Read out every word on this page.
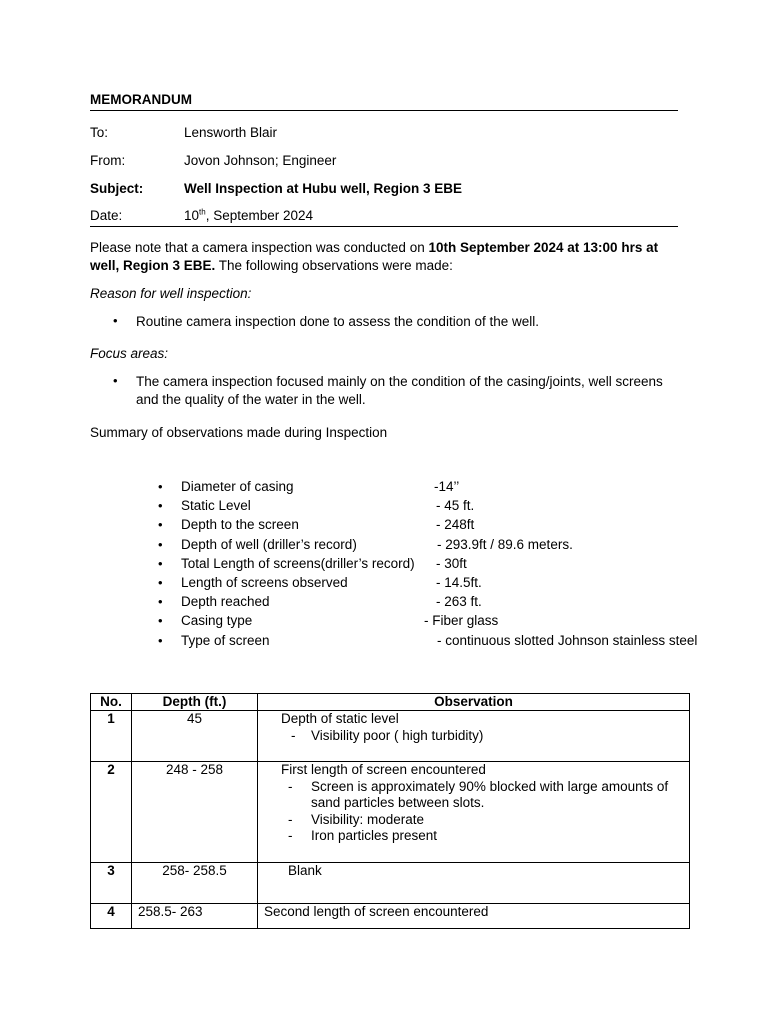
MEMORANDUM
To:	Lensworth Blair
From:	Jovon Johnson; Engineer
Subject:	Well Inspection at Hubu well, Region 3 EBE
Date:	10th, September 2024
Please note that a camera inspection was conducted on 10th September 2024 at 13:00 hrs at well, Region 3 EBE. The following observations were made:
Reason for well inspection:
• Routine camera inspection done to assess the condition of the well.
Focus areas:
• The camera inspection focused mainly on the condition of the casing/joints, well screens and the quality of the water in the well.
Summary of observations made during Inspection
• Diameter of casing	-14’’
• Static Level	- 45 ft.
• Depth to the screen	- 248ft
• Depth of well (driller’s record)	- 293.9ft / 89.6 meters.
• Total Length of screens(driller’s record) - 30ft
• Length of screens observed	- 14.5ft.
• Depth reached	- 263 ft.
• Casing type	- Fiber glass
• Type of screen	- continuous slotted Johnson stainless steel
No.	Depth (ft.)	Observation
1	45	Depth of static level
- Visibility poor ( high turbidity)

2	248 - 258	First length of screen encountered
- Screen is approximately 90% blocked with large amounts of sand particles between slots.
- Visibility: moderate
- Iron particles present

3	258- 258.5	Blank

4	258.5- 263	Second length of screen encountered
